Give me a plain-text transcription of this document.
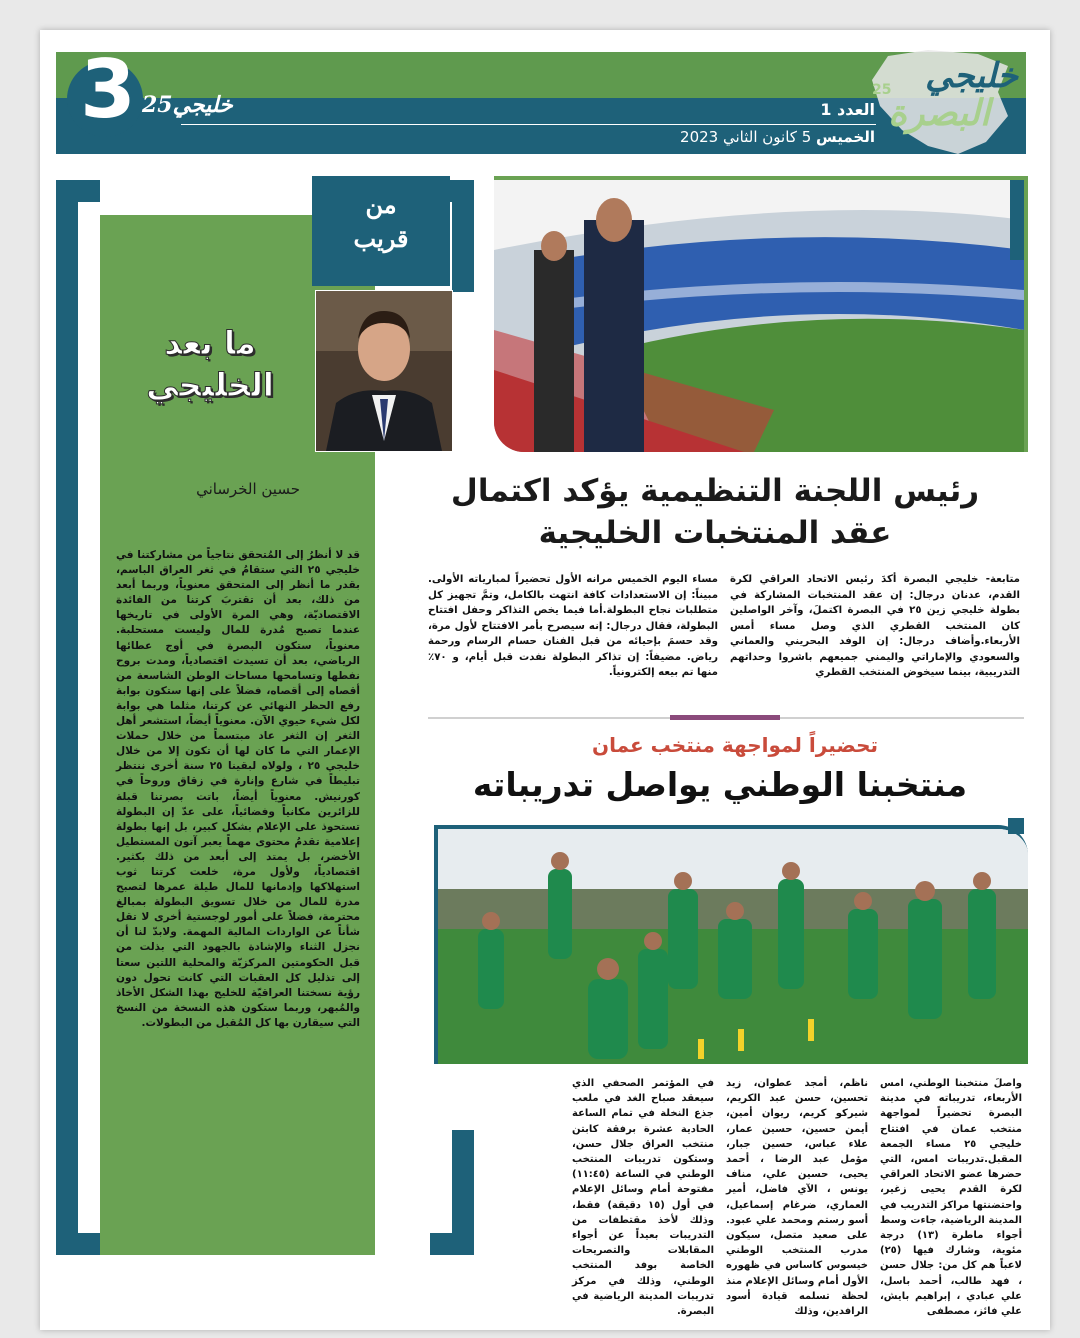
3 خليجي25
خليجي
25
البصرة
العدد 1
الخميس 5 كانون الثاني 2023
من
قريب
ما بعد الخليجي
حسين الخرساني
قد لا أنظرُ إلى المُتحقق نتاجياً من مشاركتنا في خليجي ٢٥ التي ستقامُ في ثغر العراق الباسم، بقدر ما أنظر إلى المتحقق معنوياً، وربما أبعد من ذلك، بعد أن تقتربَ كرتنا من الفائدة الاقتصاديّة، وهي المرة الأولى في تاريخها عندما تصبح مُدرة للمال وليست مستحلبة. معنوياً، ستكون البصرة في أوج عطائها الرياضي، بعد أن تسيدت اقتصادياً، ومدت بروح نفطها وتسامحها مساحات الوطن الشاسعة من أقصاه إلى أقصاه، فضلاً على إنها ستكون بوابة رفع الحظر النهائي عن كرتنا، مثلما هي بوابة لكل شيء حيوي الآن. معنوياً أيضاً، استشعر أهل الثغر إن الثغر عاد مبتسماً من خلال حملات الإعمار التي ما كان لها أن تكون إلا من خلال خليجي ٢٥ ، ولولاه لبقينا ٢٥ سنة أخرى ننتظر تبليطاً في شارع وإنارة في زقاق وروحاً في كورنيش. معنوياً أيضاً، باتت بصرتنا قبلة للزائرين مكانياً وفضائياً، على عدّ إن البطولة تستحوذ على الإعلام بشكل كبير، بل إنها بطولة إعلامية تقدمُ محتوى مهماً يعبر آتون المستطيل الأخضر، بل يمتد إلى أبعد من ذلك بكثير. اقتصادياً، ولأول مرة، خلعت كرتنا ثوب استهلاكها وإدمانها للمال طيلة عمرها لتصبح مدرة للمال من خلال تسويق البطولة بمبالغ محترمة، فضلاً على أمور لوجستية أخرى لا تقل شأناً عن الواردات المالية المهمة. ولابدّ لنا أن نجزل الثناء والإشادة بالجهود التي بذلت من قبل الحكومتين المركزيّة والمحلية اللتين سعتا إلى تذليل كل العقبات التي كانت تحول دون رؤية نسختنا العراقيّة للخليج بهذا الشكل الأخاذ والمُبهر، وربما ستكون هذه النسخة من النسخ التي سيقارن بها كل المُقبل من البطولات.
رئيس اللجنة التنظيمية يؤكد اكتمال
عقد المنتخبات الخليجية
متابعة- خليجي البصرة أكدَ رئيس الاتحاد العراقي لكرة القدم، عدنان درجال: إن عقد المنتخبات المشاركة في بطولة خليجي زين ٢٥ في البصرة اكتملَ، وآخر الواصلين كان المنتخب القطري الذي وصل مساء أمس الأربعاء.وأضاف درجال: إن الوفد البحريني والعماني والسعودي والإماراتي واليمني جميعهم باشروا وحداتهم التدريبية، بينما سيخوض المنتخب القطري
مساء اليوم الخميس مرانه الأول تحضيراً لمبارياته الأولى. مبيناً: إن الاستعدادات كافة انتهت بالكامل، وتمَّ تجهيز كل متطلبات نجاح البطولة.أما فيما يخص التذاكر وحفل افتتاح البطولة، فقال درجال: إنه سيصرح بأمر الافتتاح لأول مرة، وقد حسمَ بإحيائه من قبل الفنان حسام الرسام ورحمة رياض. مضيفاً: إن تذاكر البطولة نفدت قبل أيام، و ٧٠٪ منها تم بيعه إلكترونياً.
تحضيراً لمواجهة منتخب عمان
منتخبنا الوطني يواصل تدريباته
واصلَ منتخبنا الوطني، امس الأربعاء، تدريباته في مدينة البصرة تحضيراً لمواجهة منتخب عمان في افتتاح خليجي ٢٥ مساء الجمعة المقبل.تدريبات امس، التي حضرها عضو الاتحاد العراقي لكرة القدم يحيى زغير، واحتضنتها مراكز التدريب في المدينة الرياضية، جاءت وسط أجواء ماطرة (١٣) درجة مئوية، وشارك فيها (٢٥) لاعباً هم كل من: جلال حسن ، فهد طالب، أحمد باسل، علي عبادي ، إبراهيم بايش، علي فائز، مصطفى
ناظم، أمجد عطوان، زيد تحسين، حسن عبد الكريم، شيركو كريم، ريوان أمين، أيمن حسين، حسين عمار، علاء عباس، حسين جبار، مؤمل عبد الرضا ، أحمد يحيى، حسين علي، مناف يونس ، الآي فاضل، أمير العماري، ضرغام إسماعيل، أسو رستم ومحمد علي عبود. على صعيد متصل، سيكون مدرب المنتخب الوطني خيسوس كاساس في ظهوره الأول أمام وسائل الإعلام منذ لحظة تسلمه قيادة أسود الرافدين، وذلك
في المؤتمر الصحفي الذي سيعقد صباح الغد في ملعب جذع النخلة في تمام الساعة الحادية عشرة برفقة كابتن منتخب العراق جلال حسن، وستكون تدريبات المنتخب الوطني في الساعة (١١:٤٥) مفتوحة أمام وسائل الإعلام في أول (١٥ دقيقة) فقط، وذلك لأخذ مقتطفات من التدريبات بعيداً عن أجواء المقابلات والتصريحات الخاصة بوفد المنتخب الوطني، وذلك في مركز تدريبات المدينة الرياضية في البصرة.
